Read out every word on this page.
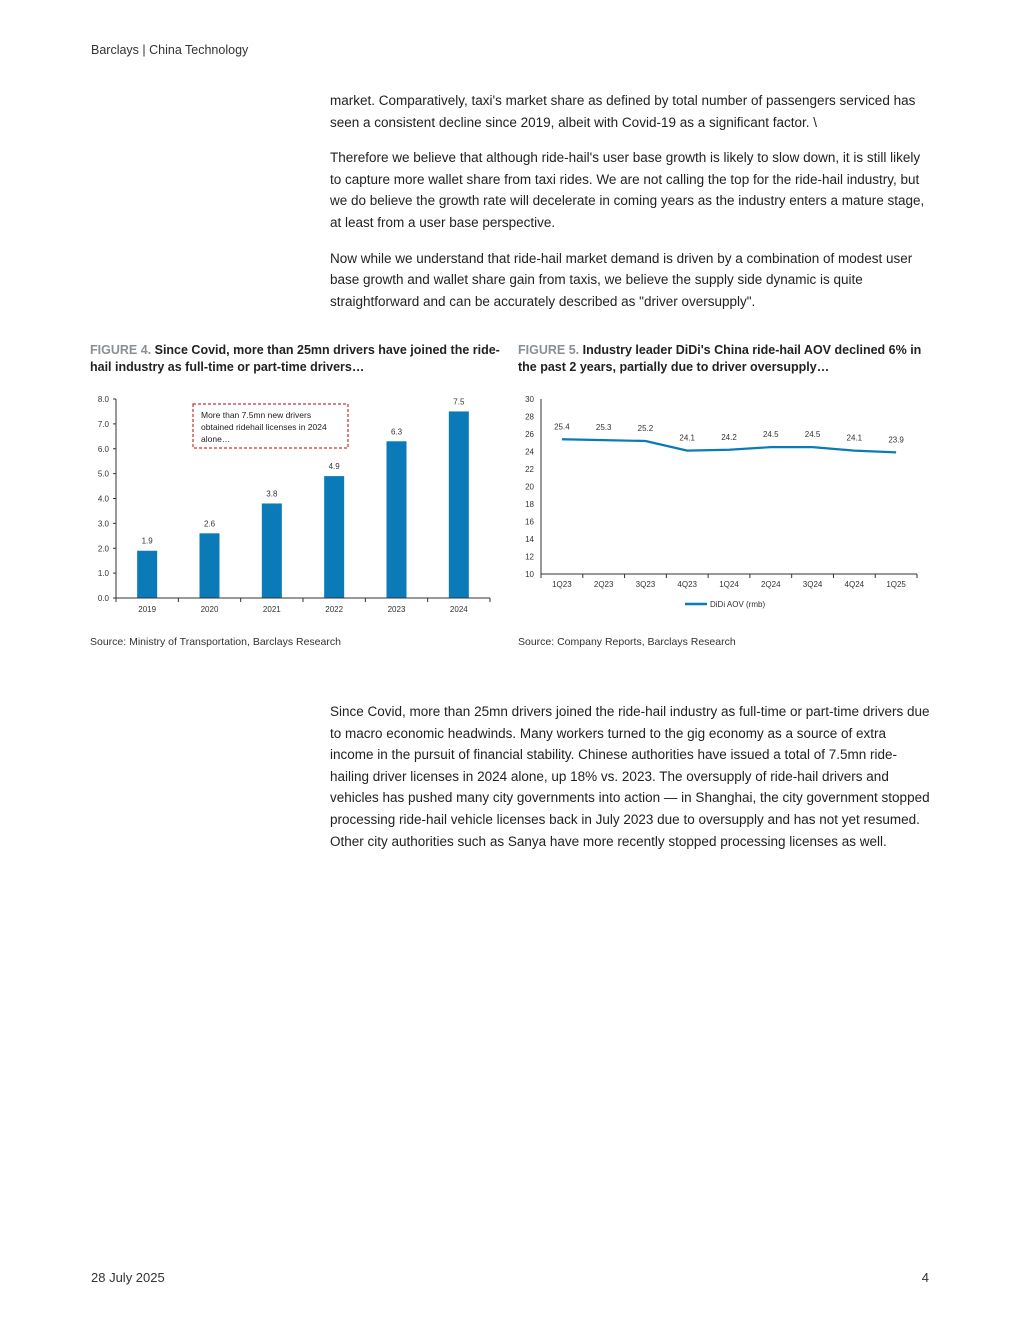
Barclays | China Technology

market. Comparatively, taxi's market share as defined by total number of passengers serviced has seen a consistent decline since 2019, albeit with Covid-19 as a significant factor. \

Therefore we believe that although ride-hail's user base growth is likely to slow down, it is still likely to capture more wallet share from taxi rides. We are not calling the top for the ride-hail industry, but we do believe the growth rate will decelerate in coming years as the industry enters a mature stage, at least from a user base perspective.

Now while we understand that ride-hail market demand is driven by a combination of modest user base growth and wallet share gain from taxis, we believe the supply side dynamic is quite straightforward and can be accurately described as "driver oversupply".

FIGURE 4. Since Covid, more than 25mn drivers have joined the ride-hail industry as full-time or part-time drivers…
FIGURE 5. Industry leader DiDi's China ride-hail AOV declined 6% in the past 2 years, partially due to driver oversupply…
0.0
1.0
2.0
3.0
4.0
5.0
6.0
7.0
8.0
1.9
2.6
3.8
4.9
6.3
7.5
2019	2020	2021	2022	2023	2024
More than 7.5mn new drivers
obtained ridehail licenses in 2024
alone…
10
12
14
16
18
20
22
24
26
28
30
1Q23	2Q23	3Q23	4Q23	1Q24	2Q24	3Q24	4Q24	1Q25
25.4	25.3	25.2
24.1	24.2	24.5	24.5	24.1	23.9
DiDi AOV (rmb)
Source: Ministry of Transportation, Barclays Research	Source: Company Reports, Barclays Research

Since Covid, more than 25mn drivers joined the ride-hail industry as full-time or part-time drivers due to macro economic headwinds. Many workers turned to the gig economy as a source of extra income in the pursuit of financial stability. Chinese authorities have issued a total of 7.5mn ride-hailing driver licenses in 2024 alone, up 18% vs. 2023. The oversupply of ride-hail drivers and vehicles has pushed many city governments into action — in Shanghai, the city government stopped processing ride-hail vehicle licenses back in July 2023 due to oversupply and has not yet resumed. Other city authorities such as Sanya have more recently stopped processing licenses as well.

28 July 2025	4
